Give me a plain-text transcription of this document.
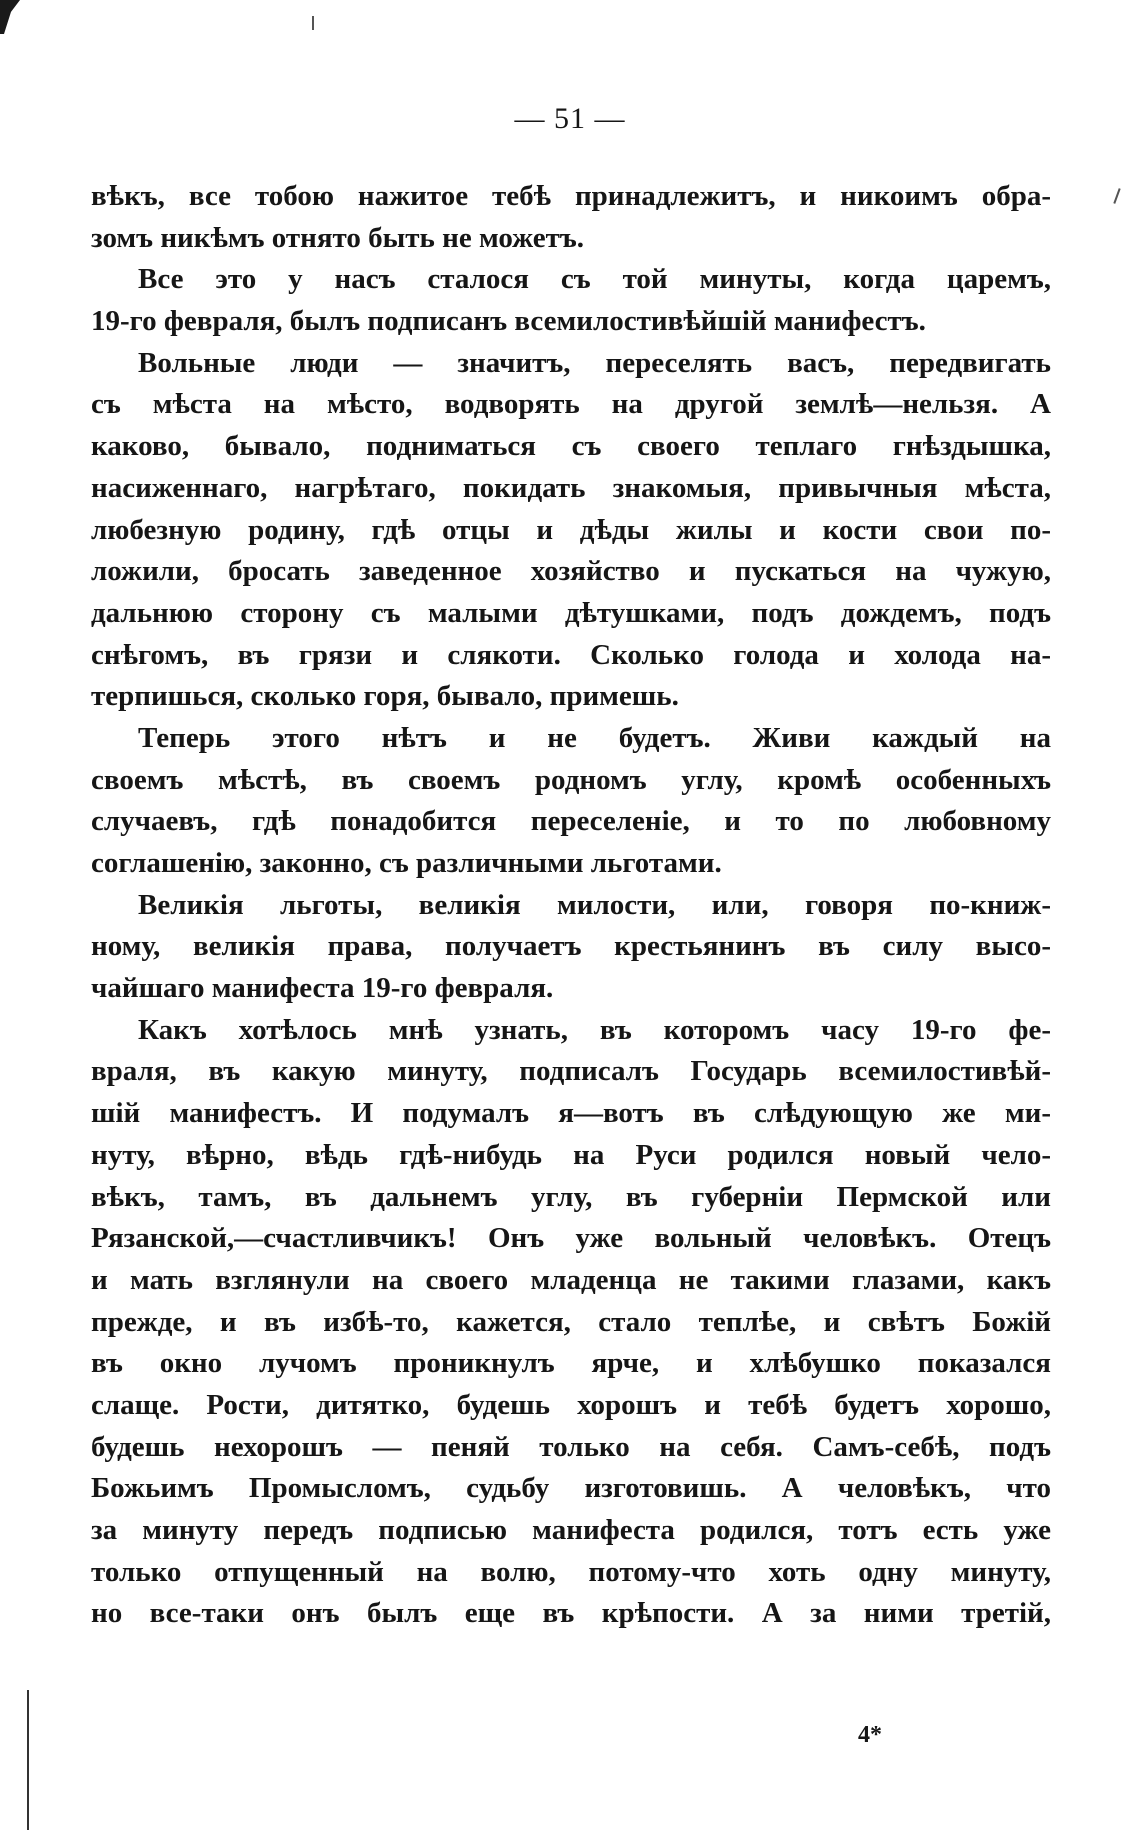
— 51 —
вѣкъ, все тобою нажитое тебѣ принадлежитъ, и никоимъ обра-
зомъ никѣмъ отнято быть не можетъ.
Все это у насъ сталося съ той минуты, когда царемъ,
19-го февраля, былъ подписанъ всемилостивѣйшій манифестъ.
Вольные люди — значитъ, переселять васъ, передвигать
съ мѣста на мѣсто, водворять на другой землѣ—нельзя. А
каково, бывало, подниматься съ своего теплаго гнѣздышка,
насиженнаго, нагрѣтаго, покидать знакомыя, привычныя мѣста,
любезную родину, гдѣ отцы и дѣды жилы и кости свои по-
ложили, бросать заведенное хозяйство и пускаться на чужую,
дальнюю сторону съ малыми дѣтушками, подъ дождемъ, подъ
снѣгомъ, въ грязи и слякоти. Сколько голода и холода на-
терпишься, сколько горя, бывало, примешь.
Теперь этого нѣтъ и не будетъ. Живи каждый на
своемъ мѣстѣ, въ своемъ родномъ углу, кромѣ особенныхъ
случаевъ, гдѣ понадобится переселеніе, и то по любовному
соглашенію, законно, съ различными льготами.
Великія льготы, великія милости, или, говоря по-книж-
ному, великія права, получаетъ крестьянинъ въ силу высо-
чайшаго манифеста 19-го февраля.
Какъ хотѣлось мнѣ узнать, въ которомъ часу 19-го фе-
враля, въ какую минуту, подписалъ Государь всемилостивѣй-
шій манифестъ. И подумалъ я—вотъ въ слѣдующую же ми-
нуту, вѣрно, вѣдь гдѣ-нибудь на Руси родился новый чело-
вѣкъ, тамъ, въ дальнемъ углу, въ губерніи Пермской или
Рязанской,—счастливчикъ! Онъ уже вольный человѣкъ. Отецъ
и мать взглянули на своего младенца не такими глазами, какъ
прежде, и въ избѣ-то, кажется, стало теплѣе, и свѣтъ Божій
въ окно лучомъ проникнулъ ярче, и хлѣбушко показался
слаще. Рости, дитятко, будешь хорошъ и тебѣ будетъ хорошо,
будешь нехорошъ — пеняй только на себя. Самъ-себѣ, подъ
Божьимъ Промысломъ, судьбу изготовишь. А человѣкъ, что
за минуту передъ подписью манифеста родился, тотъ есть уже
только отпущенный на волю, потому-что хоть одну минуту,
но все-таки онъ былъ еще въ крѣпости. А за ними третій,
4*
